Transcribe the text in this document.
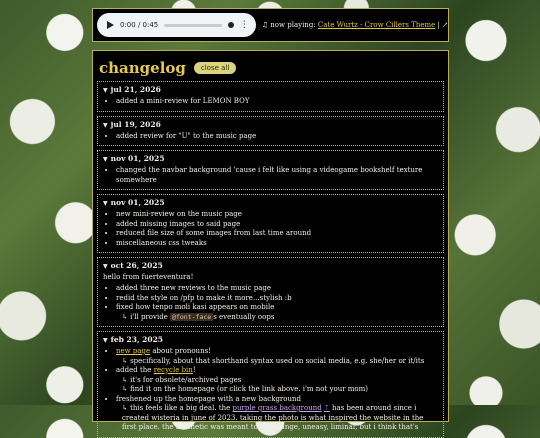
0:00 / 0:45	⋮ ♫ now playing: Cate Wurtz - Crow Cillers Theme | ↗
changelog	close all
▼ jul 21, 2026
• added a mini-review for LEMON BOY
▼ jul 19, 2026
• added review for "U" to the music page
▼ nov 01, 2025
• changed the navbar background 'cause i felt like using a videogame bookshelf texture somewhere
▼ nov 01, 2025
• new mini-review on the music page
• added missing images to said page
• reduced file size of some images from last time around
• miscellaneous css tweaks
▼ oct 26, 2025
hello from fuerteventura!
• added three new reviews to the music page
• redid the style on /pfp to make it more...stylish :b
• fixed how tenpo moli kasi appears on mobile
↳ i'll provide @font-face s eventually oops
▼ feb 23, 2025
• new page about pronouns!
↳ specifically, about that shorthand syntax used on social media, e.g. she/her or it/its
• added the recycle bin!
↳ it's for obsolete/archived pages
↳ find it on the homepage (or click the link above. i'm not your mom)
• freshened up the homepage with a new background
↳ this feels like a big deal. the purple grass background ⇡ has been around since i created wisteria in june of 2023. taking the photo is what inspired the website in the first place. the aesthetic was meant to be strange, uneasy, liminal, but i think that's
